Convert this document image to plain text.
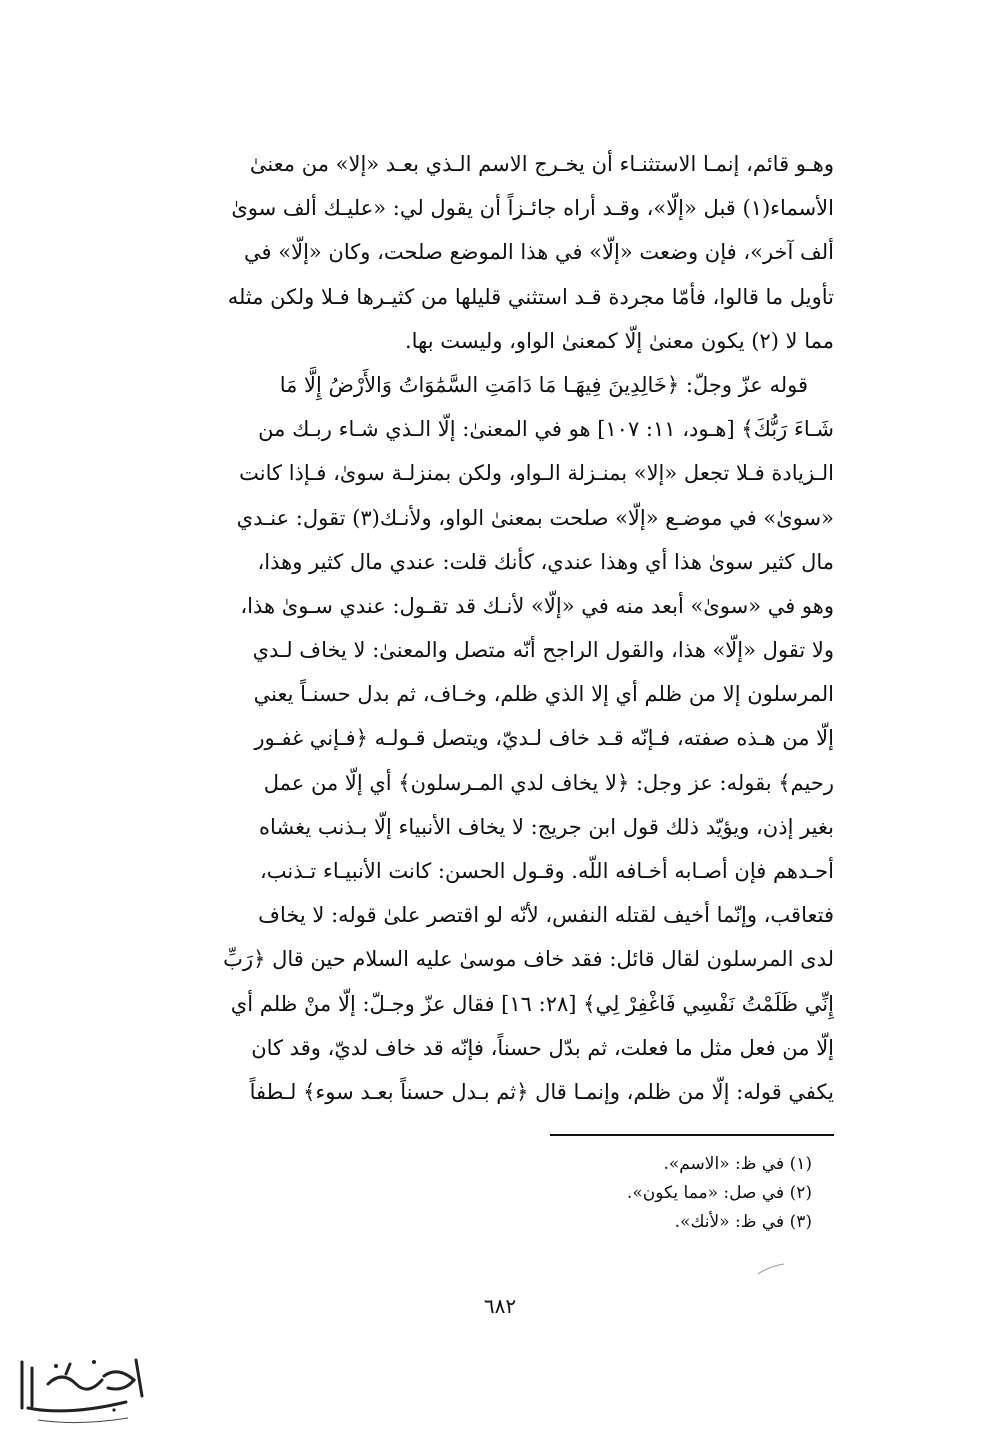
وهـو قائم، إنمـا الاستثنـاء أن يخـرج الاسم الـذي بعـد «إلا» من معنىٰ
الأسماء(١) قبل «إلّا»، وقـد أراه جائـزاً أن يقول لي: «عليـك ألف سوىٰ
ألف آخر»، فإن وضعت «إلّا» في هذا الموضع صلحت، وكان «إلّا» في
تأويل ما قالوا، فأمّا مجردة قـد استثني قليلها من كثيـرها فـلا ولكن مثله
مما لا (٢) يكون معنىٰ إلّا كمعنىٰ الواو، وليست بها.
قوله عزّ وجلّ: ﴿خَالِدِينَ فِيهَـا مَا دَامَتِ السَّمَٰوَاتُ وَالأَرْضُ إِلَّا مَا
شَـاءَ رَبُّكَ﴾ [هـود، ١١: ١٠٧] هو في المعنىٰ: إلّا الـذي شـاء ربـك من
الـزيادة فـلا تجعل «إلا» بمنـزلة الـواو، ولكن بمنزلـة سوىٰ، فـإذا كانت
«سوىٰ» في موضـع «إلّا» صلحت بمعنىٰ الواو، ولأنـك(٣) تقول: عنـدي
مال كثير سوىٰ هذا أي وهذا عندي، كأنك قلت: عندي مال كثير وهذا،
وهو في «سوىٰ» أبعد منه في «إلّا» لأنـك قد تقـول: عندي سـوىٰ هذا،
ولا تقول «إلّا» هذا، والقول الراجح أنّه متصل والمعنىٰ: لا يخاف لـدي
المرسلون إلا من ظلم أي إلا الذي ظلم، وخـاف، ثم بدل حسنـاً يعني
إلّا من هـذه صفته، فـإنّه قـد خاف لـديّ، ويتصل قـولـه ﴿فـإني غفـور
رحيم﴾ بقوله: عز وجل: ﴿لا يخاف لدي المـرسلون﴾ أي إلّا من عمل
بغير إذن، ويؤيّد ذلك قول ابن جريج: لا يخاف الأنبياء إلّا بـذنب يغشاه
أحـدهم فإن أصـابه أخـافه اللّه. وقـول الحسن: كانت الأنبيـاء تـذنب،
فتعاقب، وإنّما أخيف لقتله النفس، لأنّه لو اقتصر علىٰ قوله: لا يخاف
لدى المرسلون لقال قائل: فقد خاف موسىٰ عليه السلام حين قال ﴿رَبِّ
إِنِّي ظَلَمْتُ نَفْسِي فَاغْفِرْ لِي﴾ [٢٨: ١٦] فقال عزّ وجـلّ: إلّا منْ ظلم أي
إلّا من فعل مثل ما فعلت، ثم بدّل حسناً، فإنّه قد خاف لديّ، وقد كان
يكفي قوله: إلّا من ظلم، وإنمـا قال ﴿ثم بـدل حسناً بعـد سوء﴾ لـطفاً
(١) في ظ: «الاسم».
(٢) في صل: «مما يكون».
(٣) في ظ: «لأنك».
٦٨٢
